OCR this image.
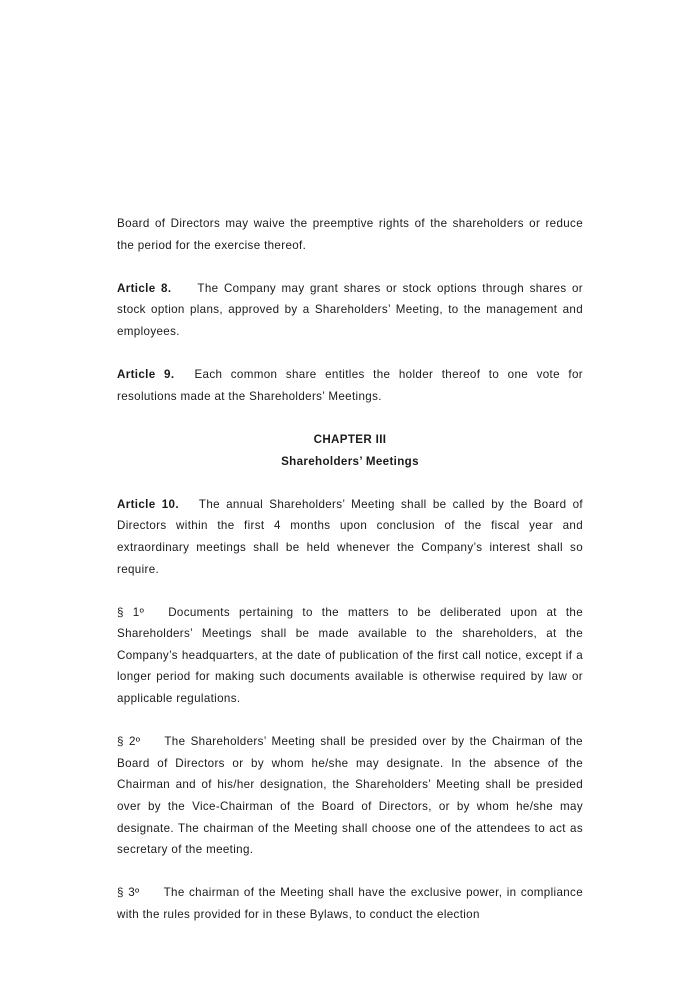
Board of Directors may waive the preemptive rights of the shareholders or reduce the period for the exercise thereof.

Article 8. The Company may grant shares or stock options through shares or stock option plans, approved by a Shareholders’ Meeting, to the management and employees.

Article 9. Each common share entitles the holder thereof to one vote for resolutions made at the Shareholders’ Meetings.

CHAPTER III

Shareholders’ Meetings

Article 10. The annual Shareholders’ Meeting shall be called by the Board of Directors within the first 4 months upon conclusion of the fiscal year and extraordinary meetings shall be held whenever the Company’s interest shall so require.

§ 1º Documents pertaining to the matters to be deliberated upon at the Shareholders’ Meetings shall be made available to the shareholders, at the Company’s headquarters, at the date of publication of the first call notice, except if a longer period for making such documents available is otherwise required by law or applicable regulations.

§ 2º The Shareholders’ Meeting shall be presided over by the Chairman of the Board of Directors or by whom he/she may designate. In the absence of the Chairman and of his/her designation, the Shareholders’ Meeting shall be presided over by the Vice-Chairman of the Board of Directors, or by whom he/she may designate. The chairman of the Meeting shall choose one of the attendees to act as secretary of the meeting.

§ 3º The chairman of the Meeting shall have the exclusive power, in compliance with the rules provided for in these Bylaws, to conduct the election
